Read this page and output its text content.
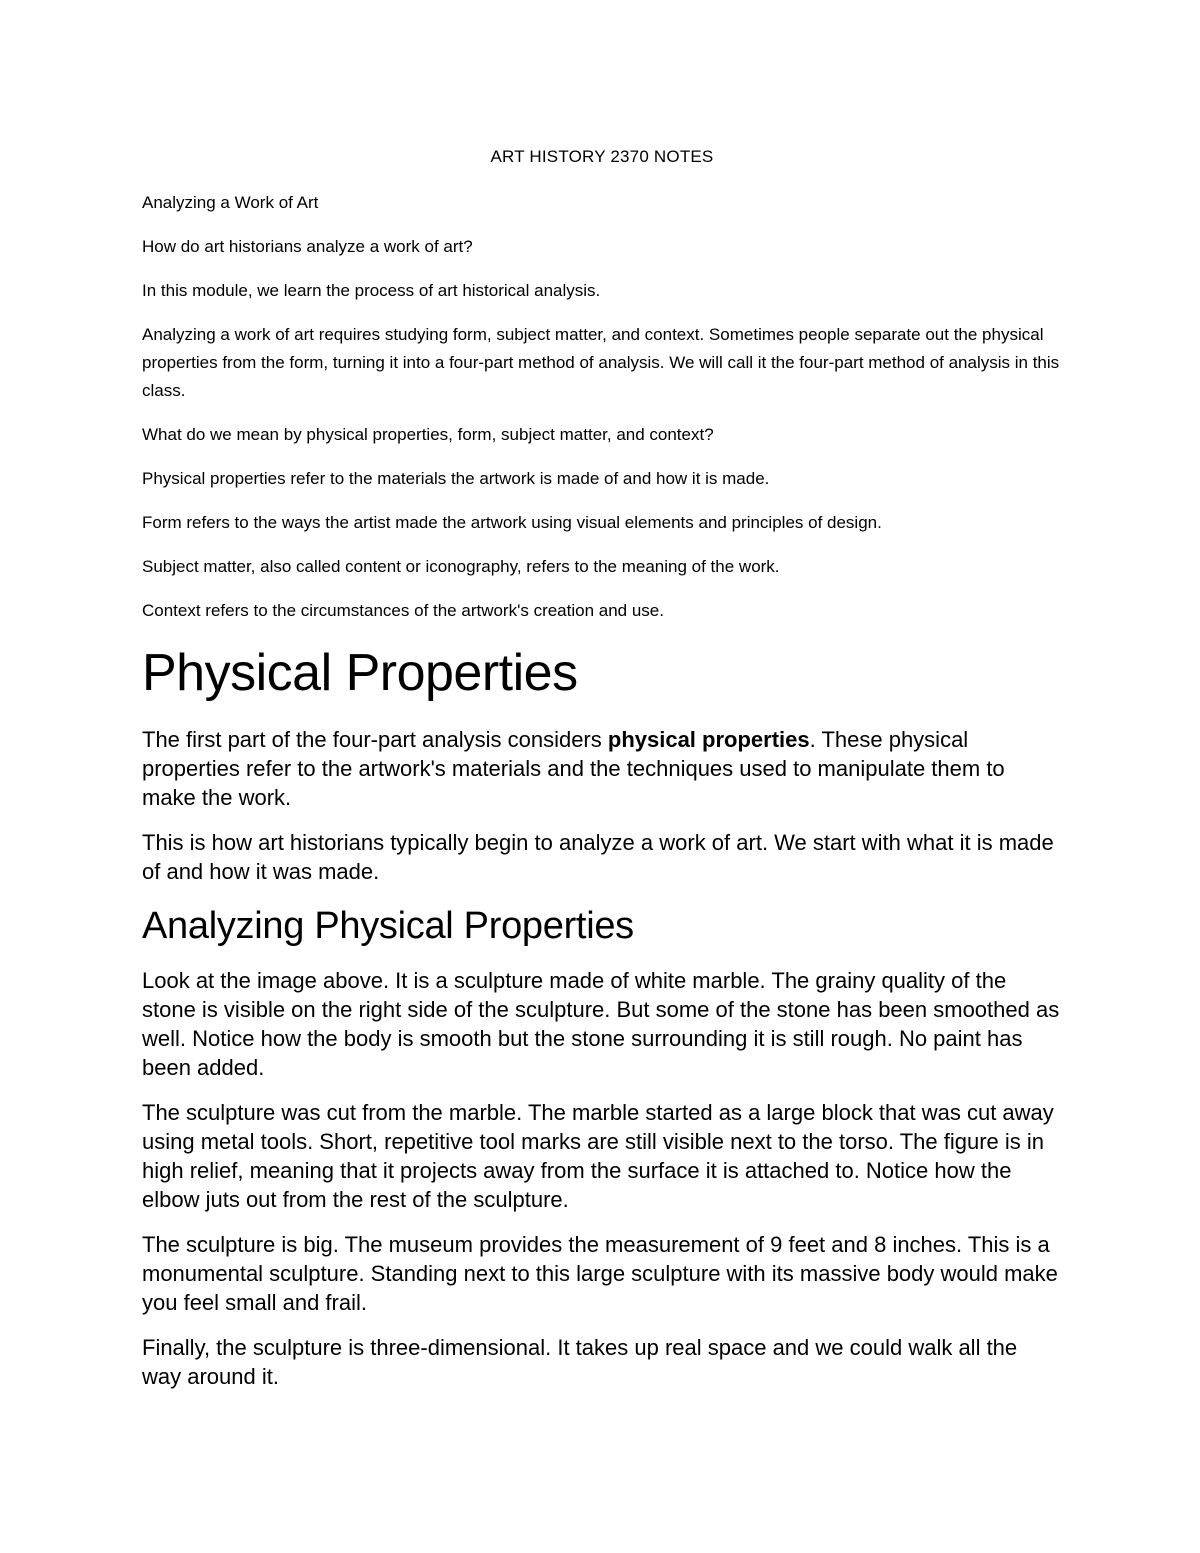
ART HISTORY 2370 NOTES

Analyzing a Work of Art

How do art historians analyze a work of art?

In this module, we learn the process of art historical analysis.

Analyzing a work of art requires studying form, subject matter, and context. Sometimes people separate out the physical properties from the form, turning it into a four-part method of analysis. We will call it the four-part method of analysis in this class.

What do we mean by physical properties, form, subject matter, and context?

Physical properties refer to the materials the artwork is made of and how it is made.

Form refers to the ways the artist made the artwork using visual elements and principles of design.

Subject matter, also called content or iconography, refers to the meaning of the work.

Context refers to the circumstances of the artwork's creation and use.

Physical Properties

The first part of the four-part analysis considers physical properties. These physical properties refer to the artwork's materials and the techniques used to manipulate them to make the work.

This is how art historians typically begin to analyze a work of art. We start with what it is made of and how it was made.

Analyzing Physical Properties

Look at the image above. It is a sculpture made of white marble. The grainy quality of the stone is visible on the right side of the sculpture. But some of the stone has been smoothed as well. Notice how the body is smooth but the stone surrounding it is still rough. No paint has been added.

The sculpture was cut from the marble. The marble started as a large block that was cut away using metal tools. Short, repetitive tool marks are still visible next to the torso. The figure is in high relief, meaning that it projects away from the surface it is attached to. Notice how the elbow juts out from the rest of the sculpture.

The sculpture is big. The museum provides the measurement of 9 feet and 8 inches. This is a monumental sculpture. Standing next to this large sculpture with its massive body would make you feel small and frail.

Finally, the sculpture is three-dimensional. It takes up real space and we could walk all the way around it.
